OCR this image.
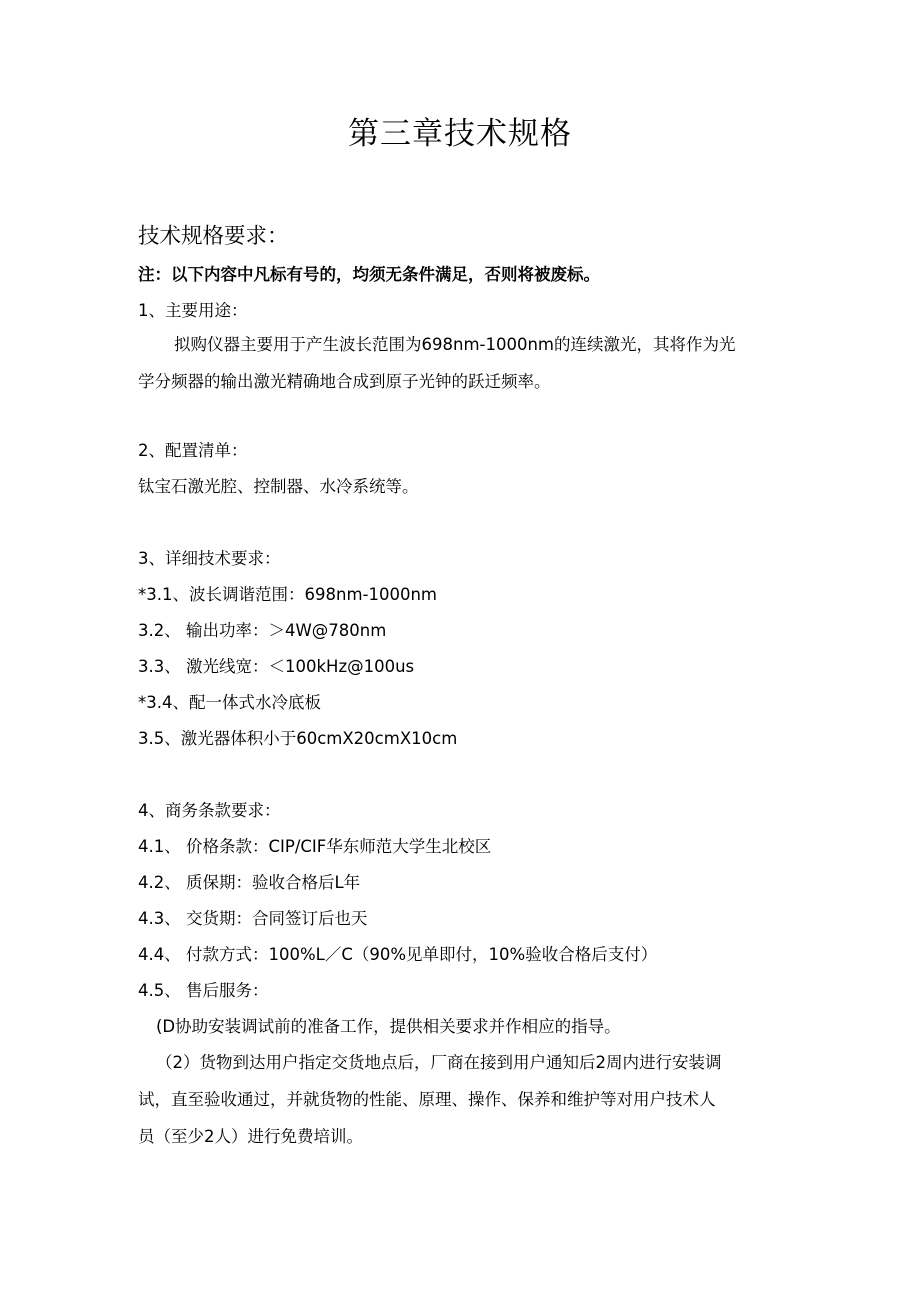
第三章技术规格
技术规格要求：
注：以下内容中凡标有号的，均须无条件满足，否则将被废标。
1、主要用途：
拟购仪器主要用于产生波长范围为698nm-1000nm的连续激光，其将作为光
学分频器的输出激光精确地合成到原子光钟的跃迁频率。
2、配置清单：
钛宝石激光腔、控制器、水冷系统等。
3、详细技术要求：
*3.1、波长调谐范围：698nm-1000nm
3.2、 输出功率：＞4W@780nm
3.3、 激光线宽：＜100kHz@100us
*3.4、配一体式水冷底板
3.5、激光器体积小于60cmX20cmX10cm
4、商务条款要求：
4.1、 价格条款：CIP/CIF华东师范大学生北校区
4.2、 质保期：验收合格后L年
4.3、 交货期：合同签订后也天
4.4、 付款方式：100%L／C（90%见单即付，10%验收合格后支付）
4.5、 售后服务：
(D协助安装调试前的准备工作，提供相关要求并作相应的指导。
（2）货物到达用户指定交货地点后，厂商在接到用户通知后2周内进行安装调
试，直至验收通过，并就货物的性能、原理、操作、保养和维护等对用户技术人
员（至少2人）进行免费培训。
